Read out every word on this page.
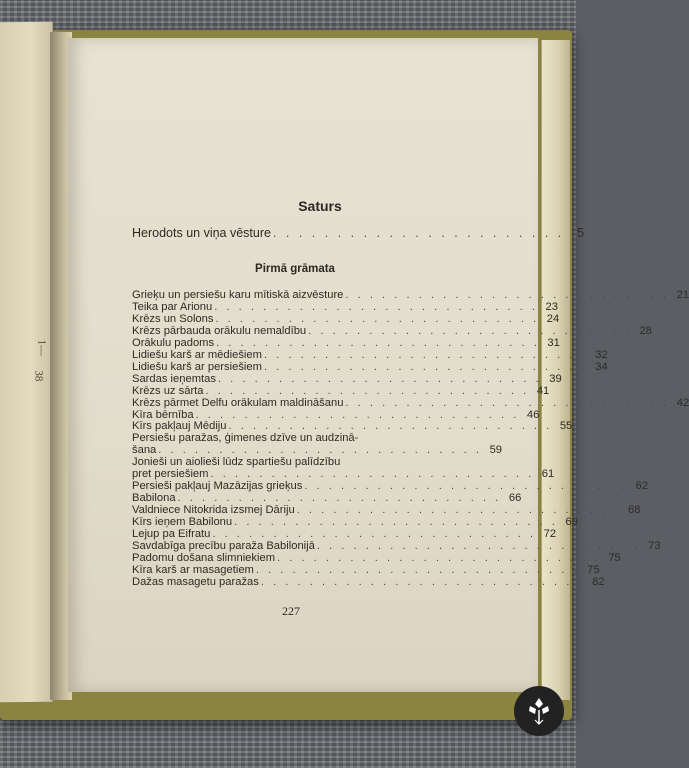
1—
38
Saturs
Herodots un viņa vēsture . . . . . . . . . . . . . . . . . . . . . . .	5
Pirmā grāmata
Grieķu un persiešu karu mītiskā aizvēsture . . . . . . . . . . . . . . . . . . . . . . . . . . . 21
Teika par Arionu . . . . . . . . . . . . . . . . . . . . . . . . . . . 23
Krēzs un Solons . . . . . . . . . . . . . . . . . . . . . . . . . . . 24
Krēzs pārbauda orākulu nemaldību . . . . . . . . . . . . . . . . . . . . . . . . . . . 28
Orākulu padoms . . . . . . . . . . . . . . . . . . . . . . . . . . . 31
Lidiešu karš ar mēdiešiem . . . . . . . . . . . . . . . . . . . . . . . . . . . 32
Lidiešu karš ar persiešiem . . . . . . . . . . . . . . . . . . . . . . . . . . . 34
Sardas ieņemtas . . . . . . . . . . . . . . . . . . . . . . . . . . . 39
Krēzs uz sārta . . . . . . . . . . . . . . . . . . . . . . . . . . . 41
Krēzs pārmet Delfu orākulam maldināšanu . . . . . . . . . . . . . . . . . . . . . . . . . . . 42
Kīra bērnība . . . . . . . . . . . . . . . . . . . . . . . . . . . 46
Kīrs pakļauj Mēdiju . . . . . . . . . . . . . . . . . . . . . . . . . . . 55
Persiešu paražas, ģimenes dzīve un audzinā-
šana . . . . . . . . . . . . . . . . . . . . . . . . . . . 59
Jonieši un aiolieši lūdz spartiešu palīdzību
pret persiešiem . . . . . . . . . . . . . . . . . . . . . . . . . . . 61
Persieši pakļauj Mazāzijas grieķus . . . . . . . . . . . . . . . . . . . . . . . . . . . 62
Babilona . . . . . . . . . . . . . . . . . . . . . . . . . . . 66
Valdniece Nitokrida izsmej Dāriju . . . . . . . . . . . . . . . . . . . . . . . . . . . 68
Kīrs ieņem Babilonu . . . . . . . . . . . . . . . . . . . . . . . . . . . 69
Lejup pa Eifratu . . . . . . . . . . . . . . . . . . . . . . . . . . . 72
Savdabīga precību paraža Babilonijā . . . . . . . . . . . . . . . . . . . . . . . . . . . 73
Padomu došana slimniekiem . . . . . . . . . . . . . . . . . . . . . . . . . . . 75
Kīra karš ar masagetiem . . . . . . . . . . . . . . . . . . . . . . . . . . . 75
Dažas masagetu paražas . . . . . . . . . . . . . . . . . . . . . . . . . . . 82
227
